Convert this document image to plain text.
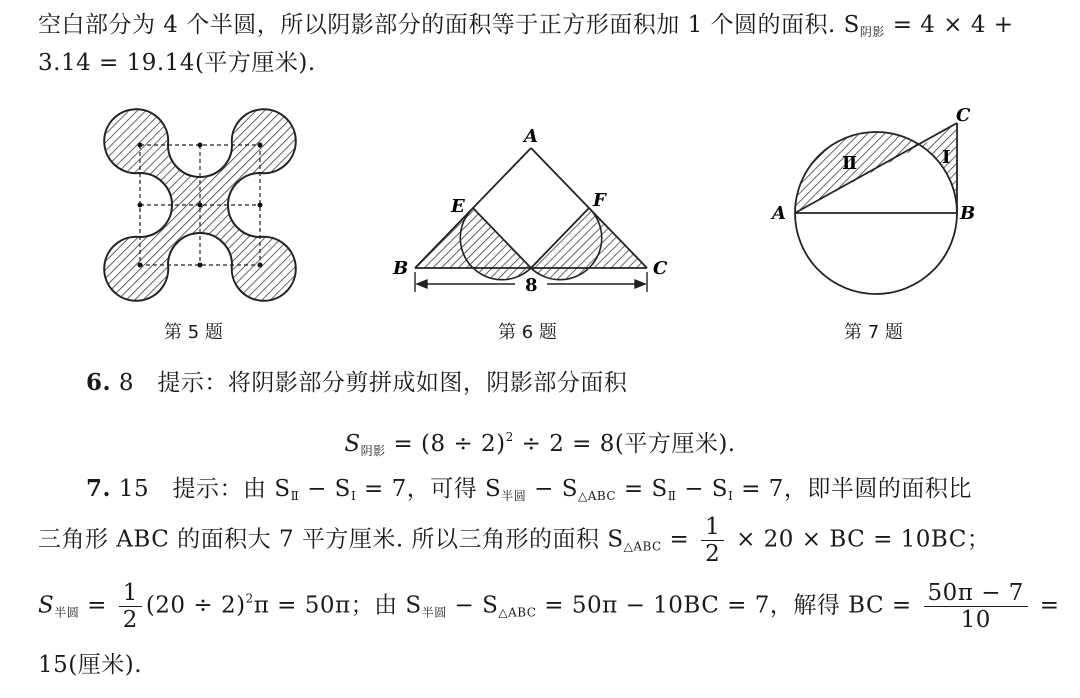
空白部分为 4 个半圆，所以阴影部分的面积等于正方形面积加 1 个圆的面积. $S_{阴影} = 4 \times 4$ +
3.14 = 19.14(平方厘米).
第 5 题
A
B	C
E	F
8
第 6 题
A	B
C
Ⅰ
Ⅱ
第 7 题
6. 8 提示：将阴影部分剪拼成如图，阴影部分面积
$S_{阴影} = (8 \div 2)^2 \div 2 = 8$(平方厘米).
7. 15 提示：由 $S_Ⅱ - S_Ⅰ = 7$，可得 $S_{半圆} - S_{\triangle ABC} = S_Ⅱ - S_Ⅰ = 7$，即半圆的面积比
三角形 ABC 的面积大 7 平方厘米. 所以三角形的面积 $S_{\triangle ABC} = \frac{1}{2} \times 20$ × BC = 10BC；
$S_{半圆} = \frac{1}{2} (20 \div 2)^2\pi = 50\pi$；由 $S_{半圆} - S_{\triangle ABC} = 50\pi - 10BC = 7$，解得 BC = $\frac{50\pi - 7}{10}$ =
15(厘米).
